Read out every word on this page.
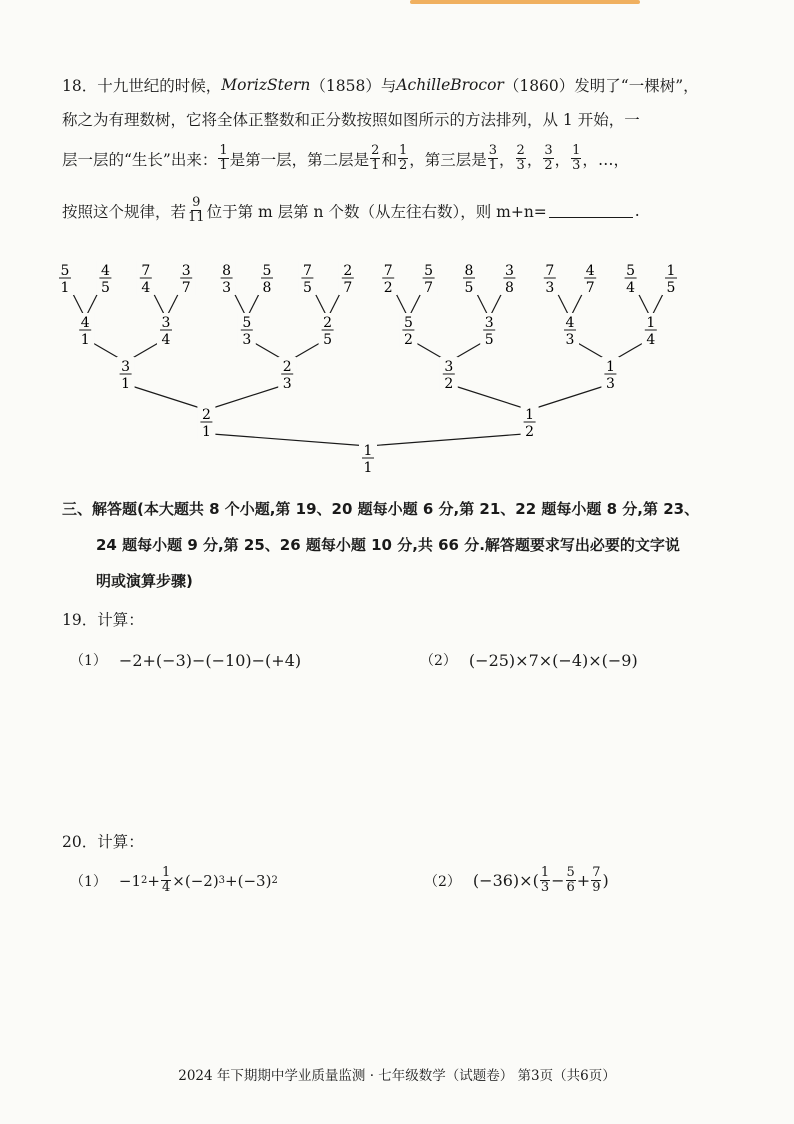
18． 十九世纪的时候， MorizStern （1858）与 AchilleBrocor （1860）发明了“一棵树”，
称之为有理数树，它将全体正整数和正分数按照如图所示的方法排列，从 1 开始，一
层一层的“生长”出来： $\frac{1}{1}$ 是第一层，第二层是 $\frac{2}{1}$ 和 $\frac{1}{2}$ ，第三层是 $\frac{3}{1}$ ， $\frac{2}{3}$ ， $\frac{3}{2}$ ， $\frac{1}{3}$ ， …，
按照这个规律，若 $\frac{9}{11}$ 位于第 m 层第 n 个数（从左往右数），则 m+n=	.
1
1
2
1
1
2
3
1
2
3
3
2
1
3
4
1
3
4
5
3
2
5
5
2
3
5
4
3
1
4
5
1
4
5
7
4
3
7
8
3
5
8
7
5
2
7
7
2
5
7
8
5
3
8
7
3
4
7
5
4
1
5
三、解答题(本大题共 8 个小题,第 19、20 题每小题 6 分,第 21、22 题每小题 8 分,第 23、
24 题每小题 9 分,第 25、26 题每小题 10 分,共 66 分.解答题要求写出必要的文字说
明或演算步骤)
19．计算：
（1） −2+(−3)−(−10)−(+4)	（2） (−25)×7×(−4)×(−9)
20．计算：
（1） −1 $2 + \frac{1}{4} \times(-2)$ 3 +(−3) 2	（2） $(-36)\times( \frac{1}{3} - \frac{5}{6} + \frac{7}{9}$ )
2024 年下期期中学业质量监测 · 七年级数学（试题卷） 第3页（共6页）
